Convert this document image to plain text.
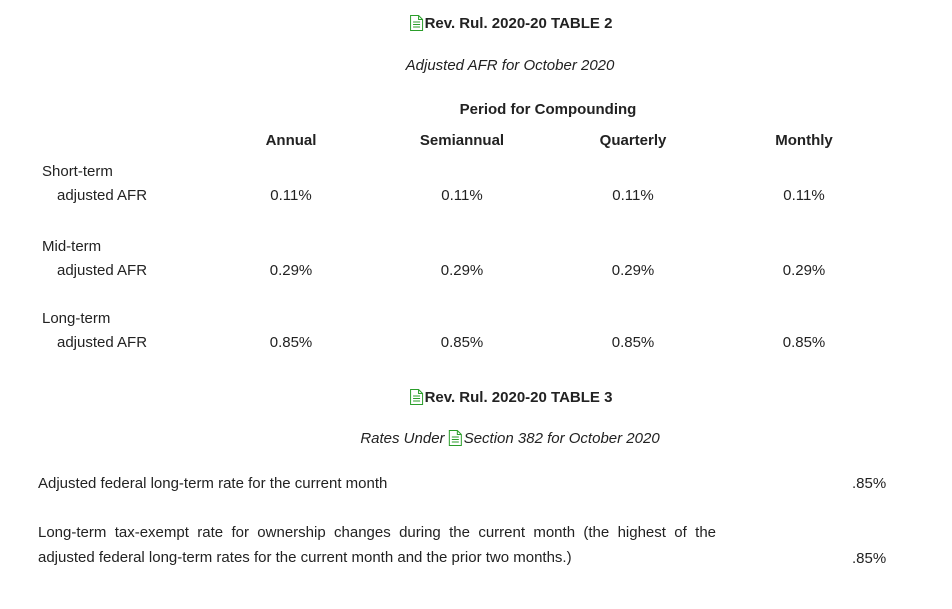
Rev. Rul. 2020-20 TABLE 2
Adjusted AFR for October 2020
Period for Compounding
Annual	Semiannual	Quarterly	Monthly
Short-term
adjusted AFR	0.11%	0.11%	0.11%	0.11%
Mid-term
adjusted AFR	0.29%	0.29%	0.29%	0.29%
Long-term
adjusted AFR	0.85%	0.85%	0.85%	0.85%
Rev. Rul. 2020-20 TABLE 3
Rates Under Section 382 for October 2020
Adjusted federal long-term rate for the current month	.85%
Long-term tax-exempt rate for ownership changes during the current month (the highest of the
adjusted federal long-term rates for the current month and the prior two months.)	.85%
